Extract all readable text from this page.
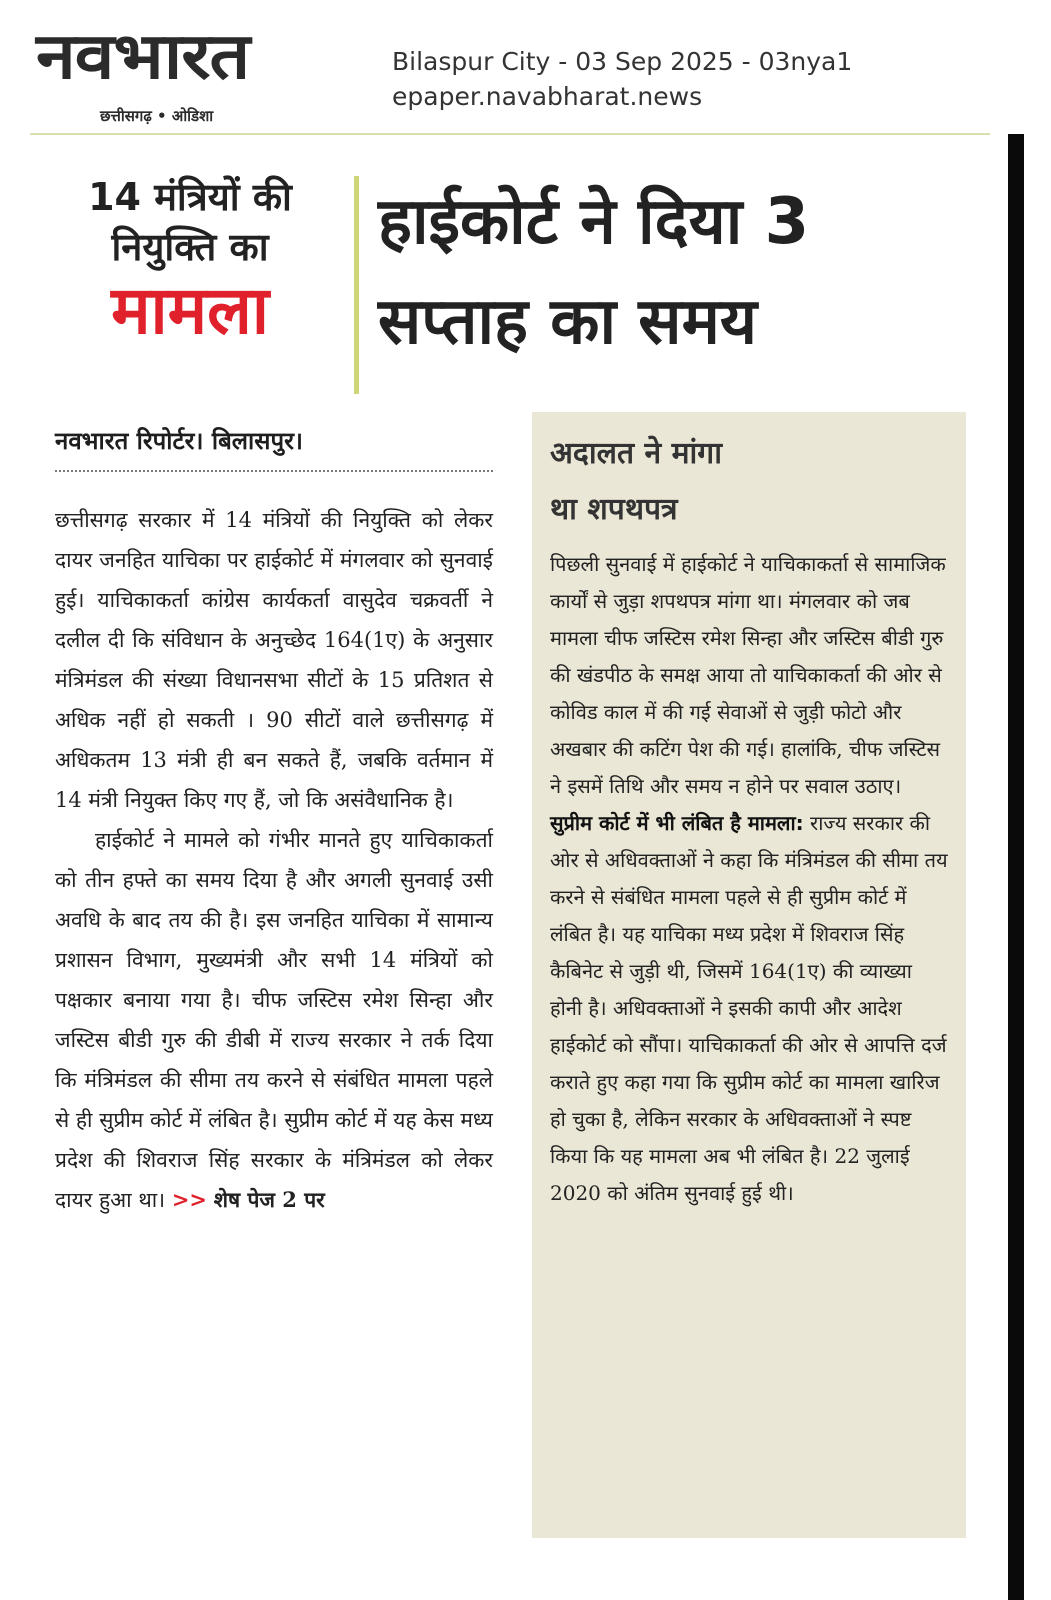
नवभारत
छत्तीसगढ़ • ओडिशा
Bilaspur City - 03 Sep 2025 - 03nya1
epaper.navabharat.news
14 मंत्रियों की
नियुक्ति का
मामला
हाईकोर्ट ने दिया 3
सप्ताह का समय
नवभारत रिपोर्टर। बिलासपुर।

छत्तीसगढ़ सरकार में 14 मंत्रियों की नियुक्ति को लेकर दायर जनहित याचिका पर हाईकोर्ट में मंगलवार को सुनवाई हुई। याचिकाकर्ता कांग्रेस कार्यकर्ता वासुदेव चक्रवर्ती ने दलील दी कि संविधान के अनुच्छेद 164(1ए) के अनुसार मंत्रिमंडल की संख्या विधानसभा सीटों के 15 प्रतिशत से अधिक नहीं हो सकती । 90 सीटों वाले छत्तीसगढ़ में अधिकतम 13 मंत्री ही बन सकते हैं, जबकि वर्तमान में 14 मंत्री नियुक्त किए गए हैं, जो कि असंवैधानिक है।

हाईकोर्ट ने मामले को गंभीर मानते हुए याचिकाकर्ता को तीन हफ्ते का समय दिया है और अगली सुनवाई उसी अवधि के बाद तय की है। इस जनहित याचिका में सामान्य प्रशासन विभाग, मुख्यमंत्री और सभी 14 मंत्रियों को पक्षकार बनाया गया है। चीफ जस्टिस रमेश सिन्हा और जस्टिस बीडी गुरु की डीबी में राज्य सरकार ने तर्क दिया कि मंत्रिमंडल की सीमा तय करने से संबंधित मामला पहले से ही सुप्रीम कोर्ट में लंबित है। सुप्रीम कोर्ट में यह केस मध्य प्रदेश की शिवराज सिंह सरकार के मंत्रिमंडल को लेकर दायर हुआ था। >> शेष पेज 2 पर

अदालत ने मांगा
था शपथपत्र

पिछली सुनवाई में हाईकोर्ट ने याचिकाकर्ता से सामाजिक कार्यों से जुड़ा शपथपत्र मांगा था। मंगलवार को जब मामला चीफ जस्टिस रमेश सिन्हा और जस्टिस बीडी गुरु की खंडपीठ के समक्ष आया तो याचिकाकर्ता की ओर से कोविड काल में की गई सेवाओं से जुड़ी फोटो और अखबार की कटिंग पेश की गई। हालांकि, चीफ जस्टिस ने इसमें तिथि और समय न होने पर सवाल उठाए।

सुप्रीम कोर्ट में भी लंबित है मामला: राज्य सरकार की ओर से अधिवक्ताओं ने कहा कि मंत्रिमंडल की सीमा तय करने से संबंधित मामला पहले से ही सुप्रीम कोर्ट में लंबित है। यह याचिका मध्य प्रदेश में शिवराज सिंह कैबिनेट से जुड़ी थी, जिसमें 164(1ए) की व्याख्या होनी है। अधिवक्ताओं ने इसकी कापी और आदेश हाईकोर्ट को सौंपा। याचिकाकर्ता की ओर से आपत्ति दर्ज कराते हुए कहा गया कि सुप्रीम कोर्ट का मामला खारिज हो चुका है, लेकिन सरकार के अधिवक्ताओं ने स्पष्ट किया कि यह मामला अब भी लंबित है। 22 जुलाई 2020 को अंतिम सुनवाई हुई थी।
